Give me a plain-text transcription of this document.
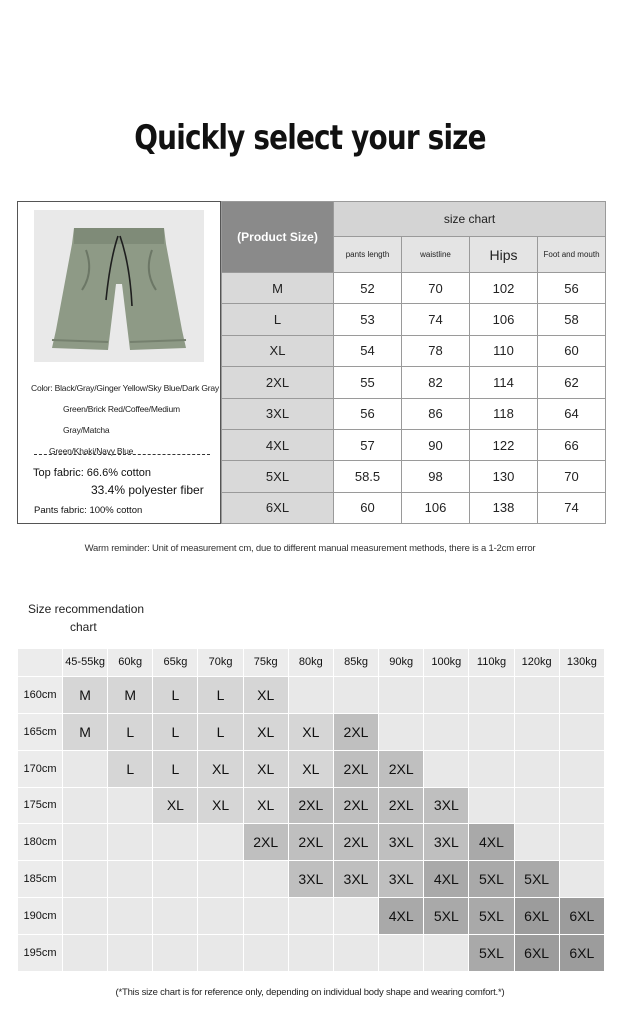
Quickly select your size
Color: Black/Gray/Ginger Yellow/Sky Blue/Dark Gray
Green/Brick Red/Coffee/Medium Gray/Matcha
Green/Khaki/Navy Blue
Top fabric: 66.6% cotton
33.4% polyester fiber
Pants fabric: 100% cotton
(Product Size)	size chart			
	pants length	waistline	Hips	Foot and mouth
M	52	70	102	56
L	53	74	106	58
XL	54	78	110	60
2XL	55	82	114	62
3XL	56	86	118	64
4XL	57	90	122	66
5XL	58.5	98	130	70
6XL	60	106	138	74
Warm reminder: Unit of measurement cm, due to different manual measurement methods, there is a 1-2cm error
Size recommendation
chart
	45-55kg	60kg	65kg	70kg	75kg	80kg	85kg	90kg	100kg	110kg	120kg	130kg
160cm	M	M	L	L	XL							
165cm	M	L	L	L	XL	XL	2XL					
170cm		L	L	XL	XL	XL	2XL	2XL				
175cm			XL	XL	XL	2XL	2XL	2XL	3XL			
180cm					2XL	2XL	2XL	3XL	3XL	4XL		
185cm						3XL	3XL	3XL	4XL	5XL	5XL	
190cm								4XL	5XL	5XL	6XL	6XL
195cm										5XL	6XL	6XL
(*This size chart is for reference only, depending on individual body shape and wearing comfort.*)
